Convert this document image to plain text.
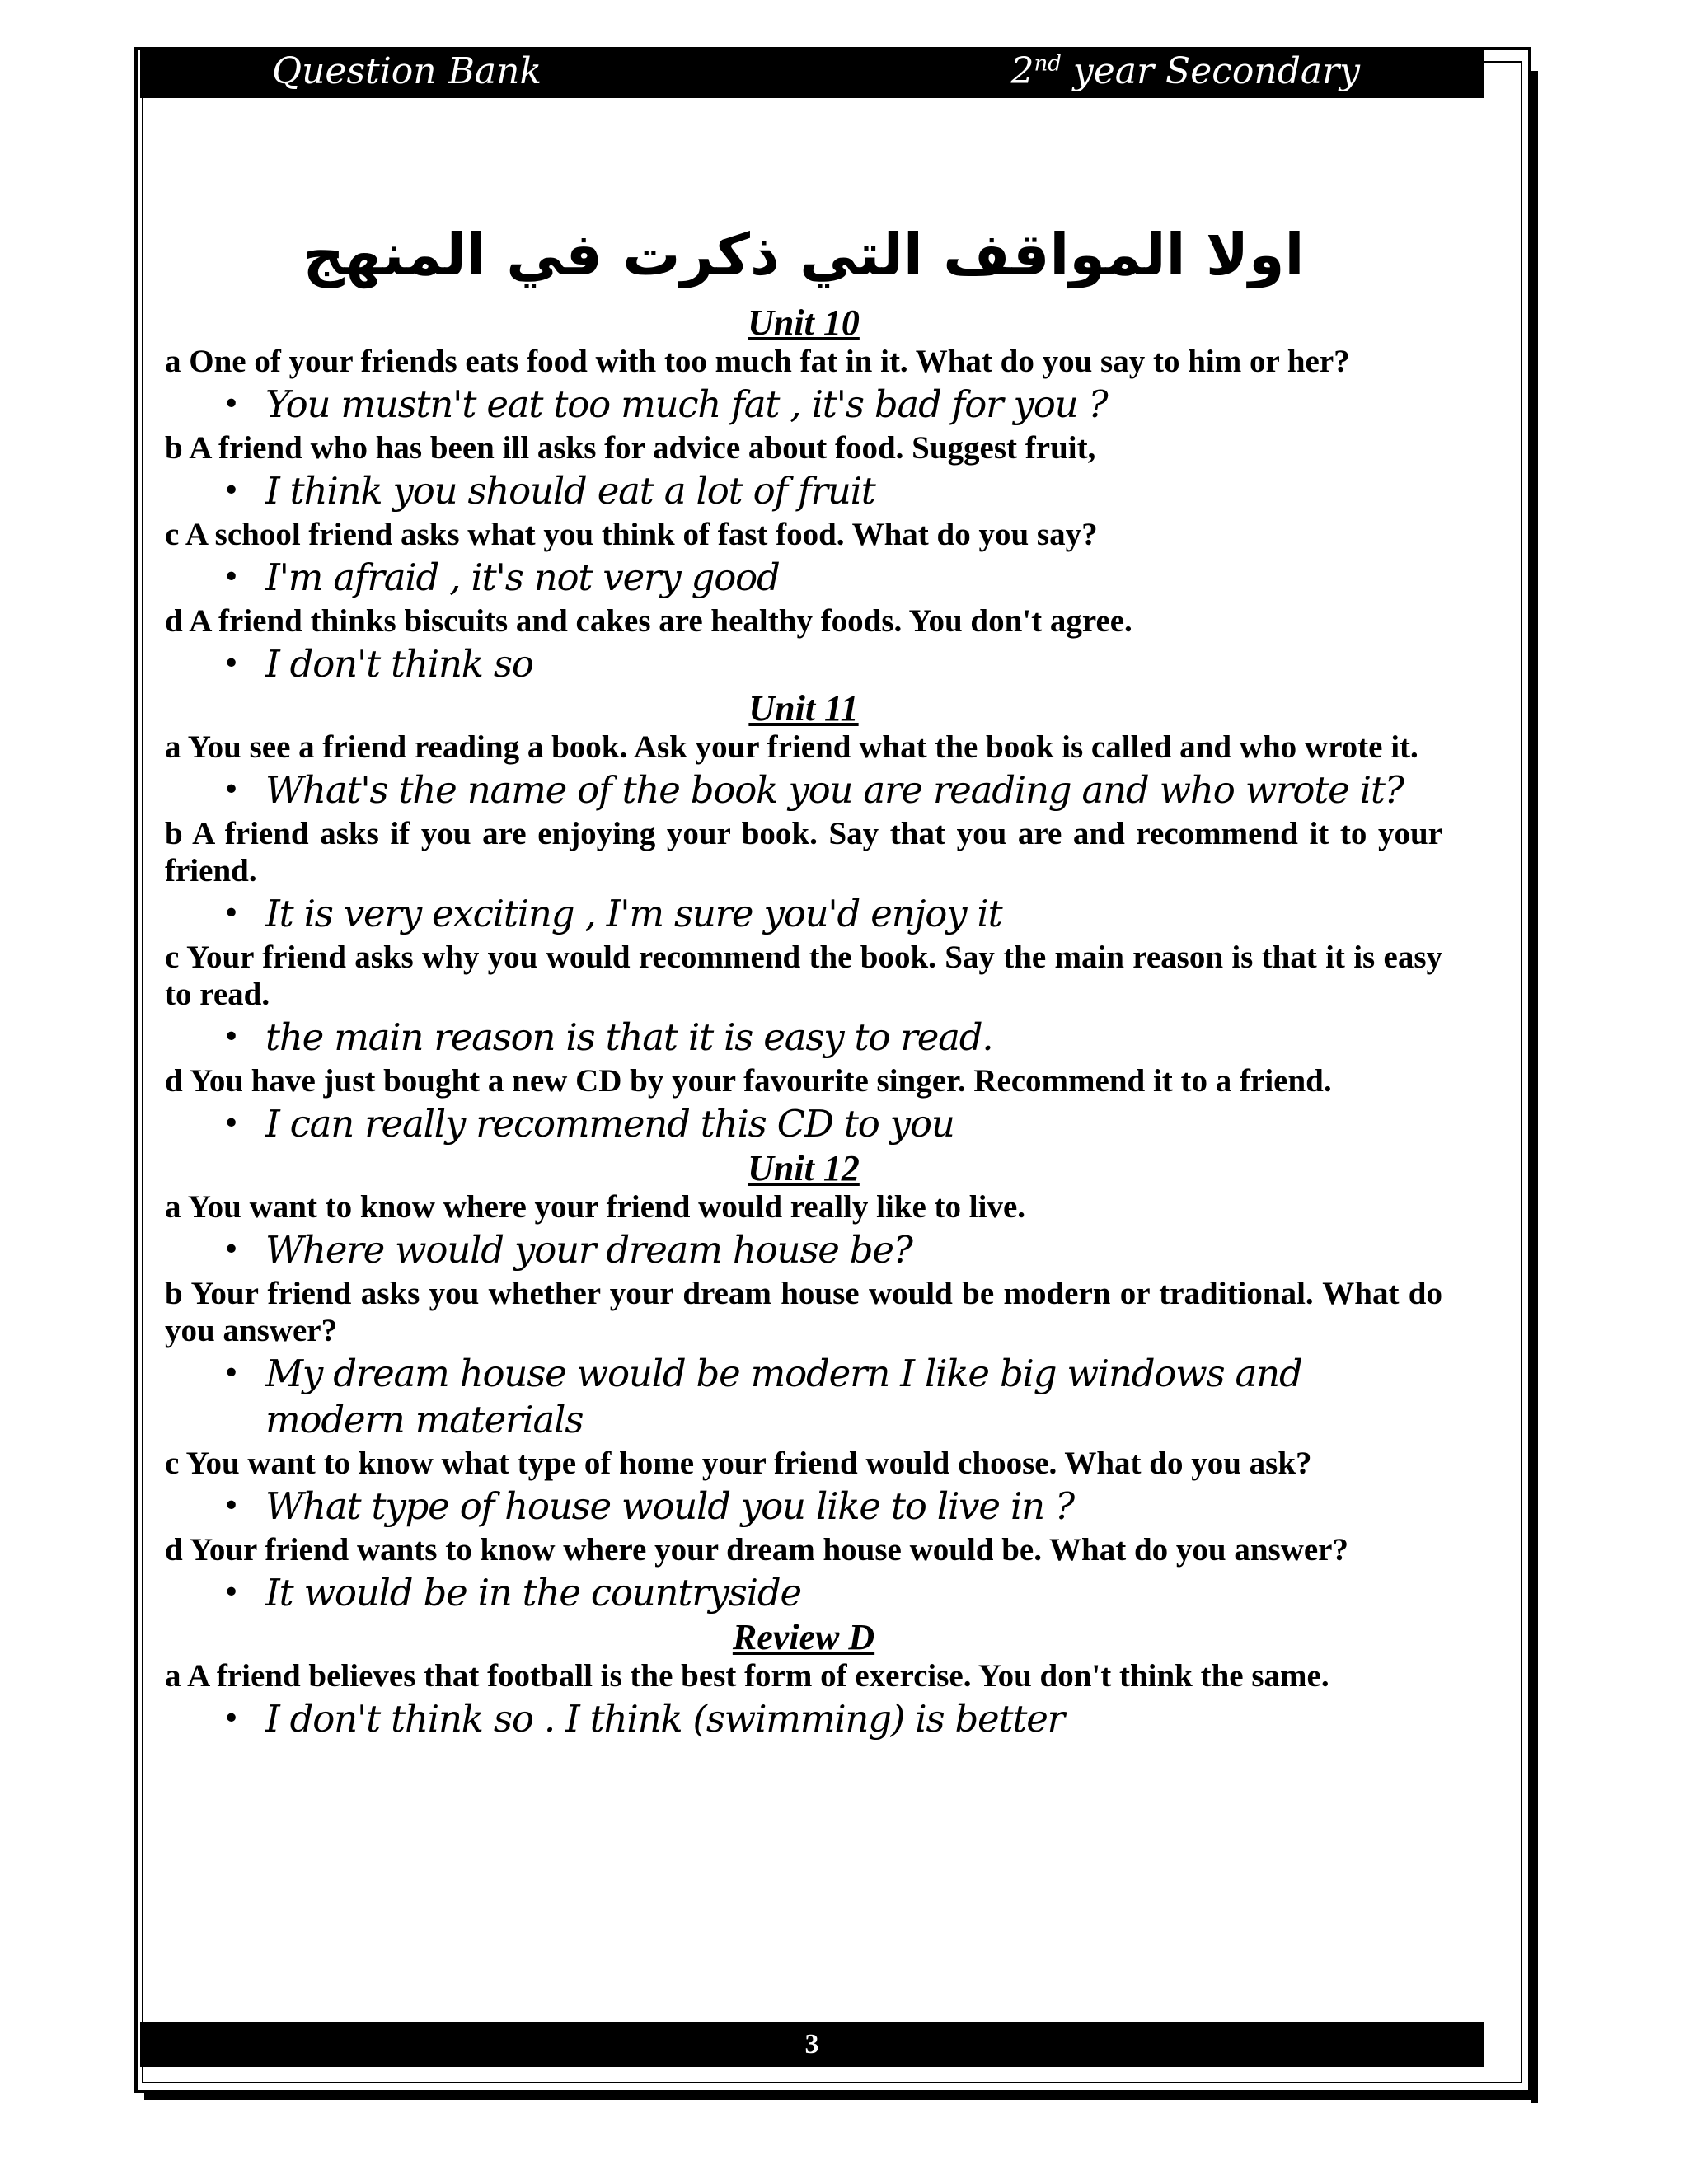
Question Bank	2nd year Secondary
اولا المواقف التي ذكرت في المنهج
Unit 10
a One of your friends eats food with too much fat in it. What do you say to him or her?
• You mustn't eat too much fat , it's bad for you ?
b A friend who has been ill asks for advice about food. Suggest fruit,
• I think you should eat a lot of fruit
c A school friend asks what you think of fast food. What do you say?
• I'm afraid , it's not very good
d A friend thinks biscuits and cakes are healthy foods. You don't agree.
• I don't think so
Unit 11
a You see a friend reading a book. Ask your friend what the book is called and who wrote it.
• What's the name of the book you are reading and who wrote it?
b A friend asks if you are enjoying your book. Say that you are and recommend it to your friend.
• It is very exciting , I'm sure you'd enjoy it
c Your friend asks why you would recommend the book. Say the main reason is that it is easy to read.
• the main reason is that it is easy to read.
d You have just bought a new CD by your favourite singer. Recommend it to a friend.
• I can really recommend this CD to you
Unit 12
a You want to know where your friend would really like to live.
• Where would your dream house be?
b Your friend asks you whether your dream house would be modern or traditional. What do you answer?
• My dream house would be modern I like big windows and modern materials
c You want to know what type of home your friend would choose. What do you ask?
• What type of house would you like to live in ?
d Your friend wants to know where your dream house would be. What do you answer?
• It would be in the countryside
Review D
a A friend believes that football is the best form of exercise. You don't think the same.
• I don't think so . I think (swimming) is better
3
